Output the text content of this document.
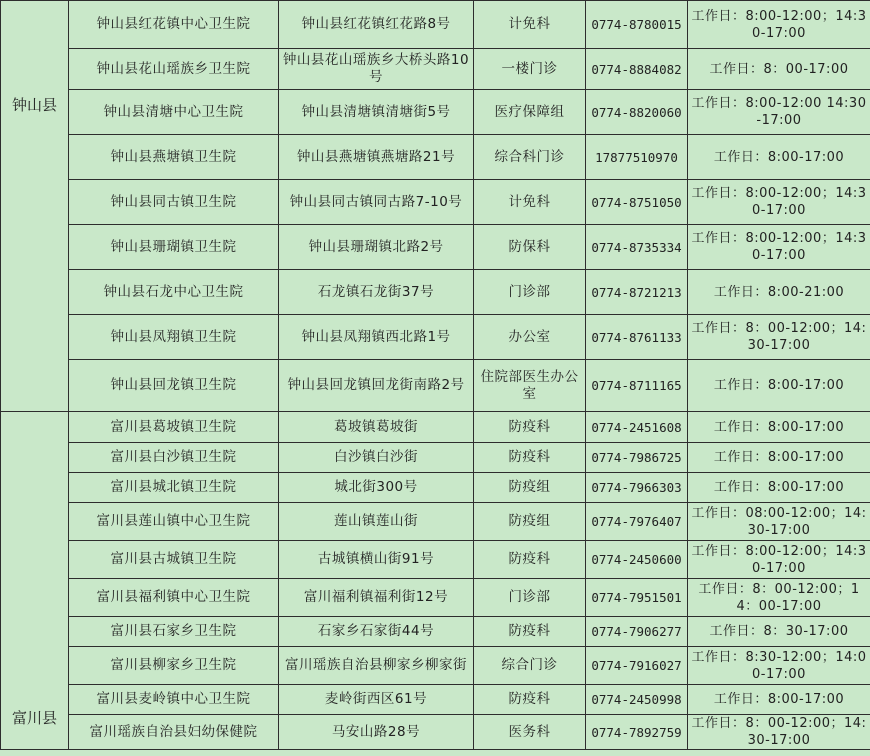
钟山县	钟山县红花镇中心卫生院	钟山县红花镇红花路8号	计免科	0774-8780015	工作日：8:00-12:00；14:30-17:00
	钟山县花山瑶族乡卫生院	钟山县花山瑶族乡大桥头路10号	一楼门诊	0774-8884082	工作日：8：00-17:00
	钟山县清塘中心卫生院	钟山县清塘镇清塘街5号	医疗保障组	0774-8820060	工作日：8:00-12:00 14:30-17:00
	钟山县燕塘镇卫生院	钟山县燕塘镇燕塘路21号	综合科门诊	17877510970	工作日：8:00-17:00
	钟山县同古镇卫生院	钟山县同古镇同古路7-10号	计免科	0774-8751050	工作日：8:00-12:00；14:30-17:00
	钟山县珊瑚镇卫生院	钟山县珊瑚镇北路2号	防保科	0774-8735334	工作日：8:00-12:00；14:30-17:00
	钟山县石龙中心卫生院	石龙镇石龙街37号	门诊部	0774-8721213	工作日：8:00-21:00
	钟山县凤翔镇卫生院	钟山县凤翔镇西北路1号	办公室	0774-8761133	工作日：8：00-12:00；14:30-17:00
	钟山县回龙镇卫生院	钟山县回龙镇回龙街南路2号	住院部医生办公室	0774-8711165	工作日：8:00-17:00

富川县	富川县葛坡镇卫生院	葛坡镇葛坡街	防疫科	0774-2451608	工作日：8:00-17:00
	富川县白沙镇卫生院	白沙镇白沙街	防疫科	0774-7986725	工作日：8:00-17:00
	富川县城北镇卫生院	城北街300号	防疫组	0774-7966303	工作日：8:00-17:00
	富川县莲山镇中心卫生院	莲山镇莲山街	防疫组	0774-7976407	工作日：08:00-12:00；14:30-17:00
	富川县古城镇卫生院	古城镇横山街91号	防疫科	0774-2450600	工作日：8:00-12:00；14:30-17:00
	富川县福利镇中心卫生院	富川福利镇福利街12号	门诊部	0774-7951501	工作日：8：00-12:00；14：00-17:00
	富川县石家乡卫生院	石家乡石家街44号	防疫科	0774-7906277	工作日：8：30-17:00
	富川县柳家乡卫生院	富川瑶族自治县柳家乡柳家街	综合门诊	0774-7916027	工作日：8:30-12:00；14:00-17:00
	富川县麦岭镇中心卫生院	麦岭街西区61号	防疫科	0774-2450998	工作日：8:00-17:00
	富川瑶族自治县妇幼保健院	马安山路28号	医务科	0774-7892759	工作日：8：00-12:00；14:30-17:00
